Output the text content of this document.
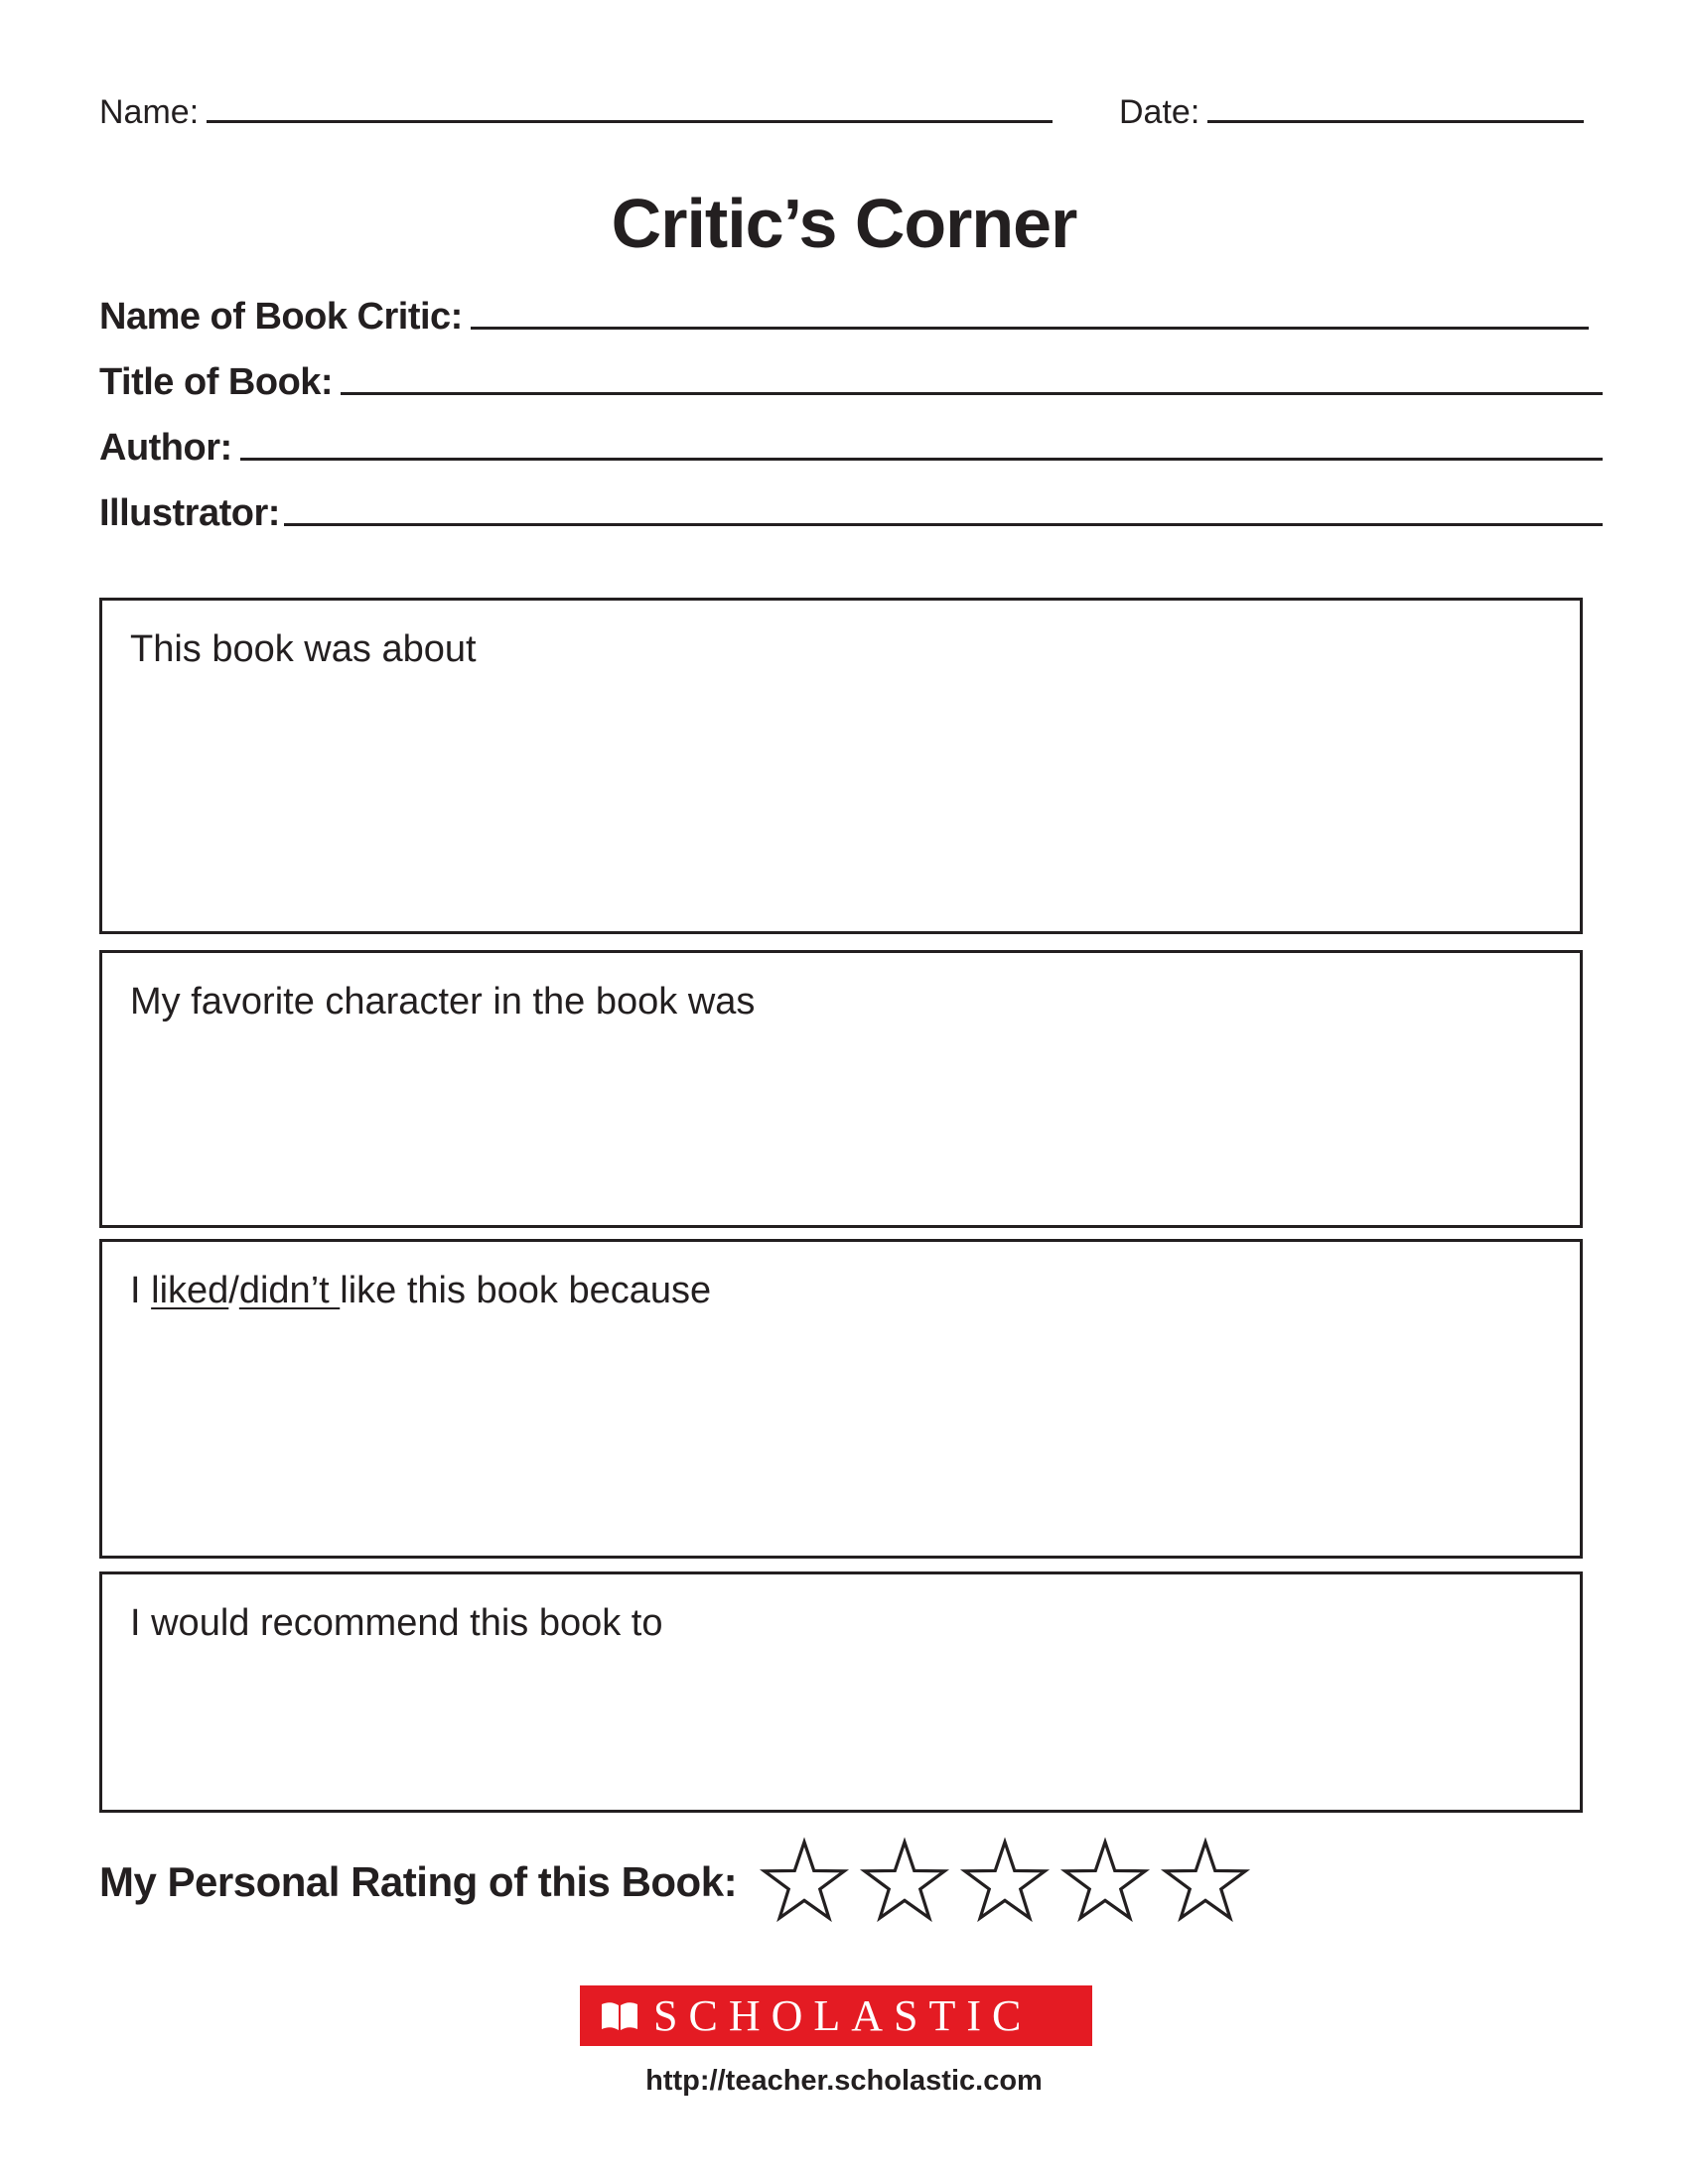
Name:	Date:
Critic’s Corner
Name of Book Critic:
Title of Book:
Author:
Illustrator:
This book was about
My favorite character in the book was
I liked/didn’t like this book because
I would recommend this book to
My Personal Rating of this Book:
SCHOLASTIC
http://teacher.scholastic.com
